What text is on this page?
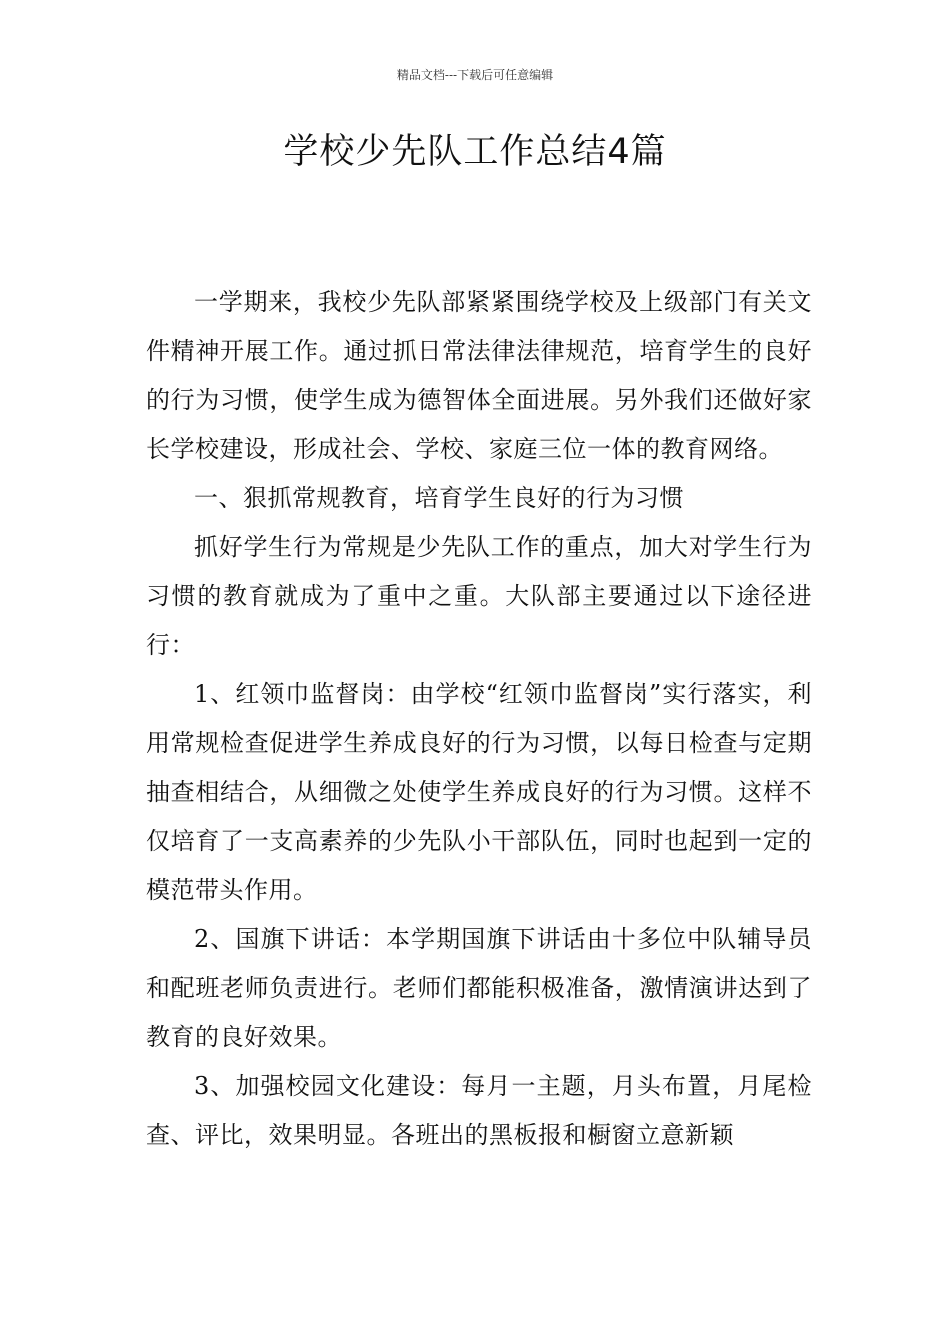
精品文档---下载后可任意编辑
学校少先队工作总结4篇

一学期来，我校少先队部紧紧围绕学校及上级部门有关文件精神开展工作。通过抓日常法律法律规范，培育学生的良好的行为习惯，使学生成为德智体全面进展。另外我们还做好家长学校建设，形成社会、学校、家庭三位一体的教育网络。

一、狠抓常规教育，培育学生良好的行为习惯

抓好学生行为常规是少先队工作的重点，加大对学生行为习惯的教育就成为了重中之重。大队部主要通过以下途径进行：

1、红领巾监督岗：由学校“红领巾监督岗”实行落实，利用常规检查促进学生养成良好的行为习惯，以每日检查与定期抽查相结合，从细微之处使学生养成良好的行为习惯。这样不仅培育了一支高素养的少先队小干部队伍，同时也起到一定的模范带头作用。

2、国旗下讲话：本学期国旗下讲话由十多位中队辅导员和配班老师负责进行。老师们都能积极准备，激情演讲达到了教育的良好效果。

3、加强校园文化建设：每月一主题，月头布置，月尾检查、评比，效果明显。各班出的黑板报和橱窗立意新颖
